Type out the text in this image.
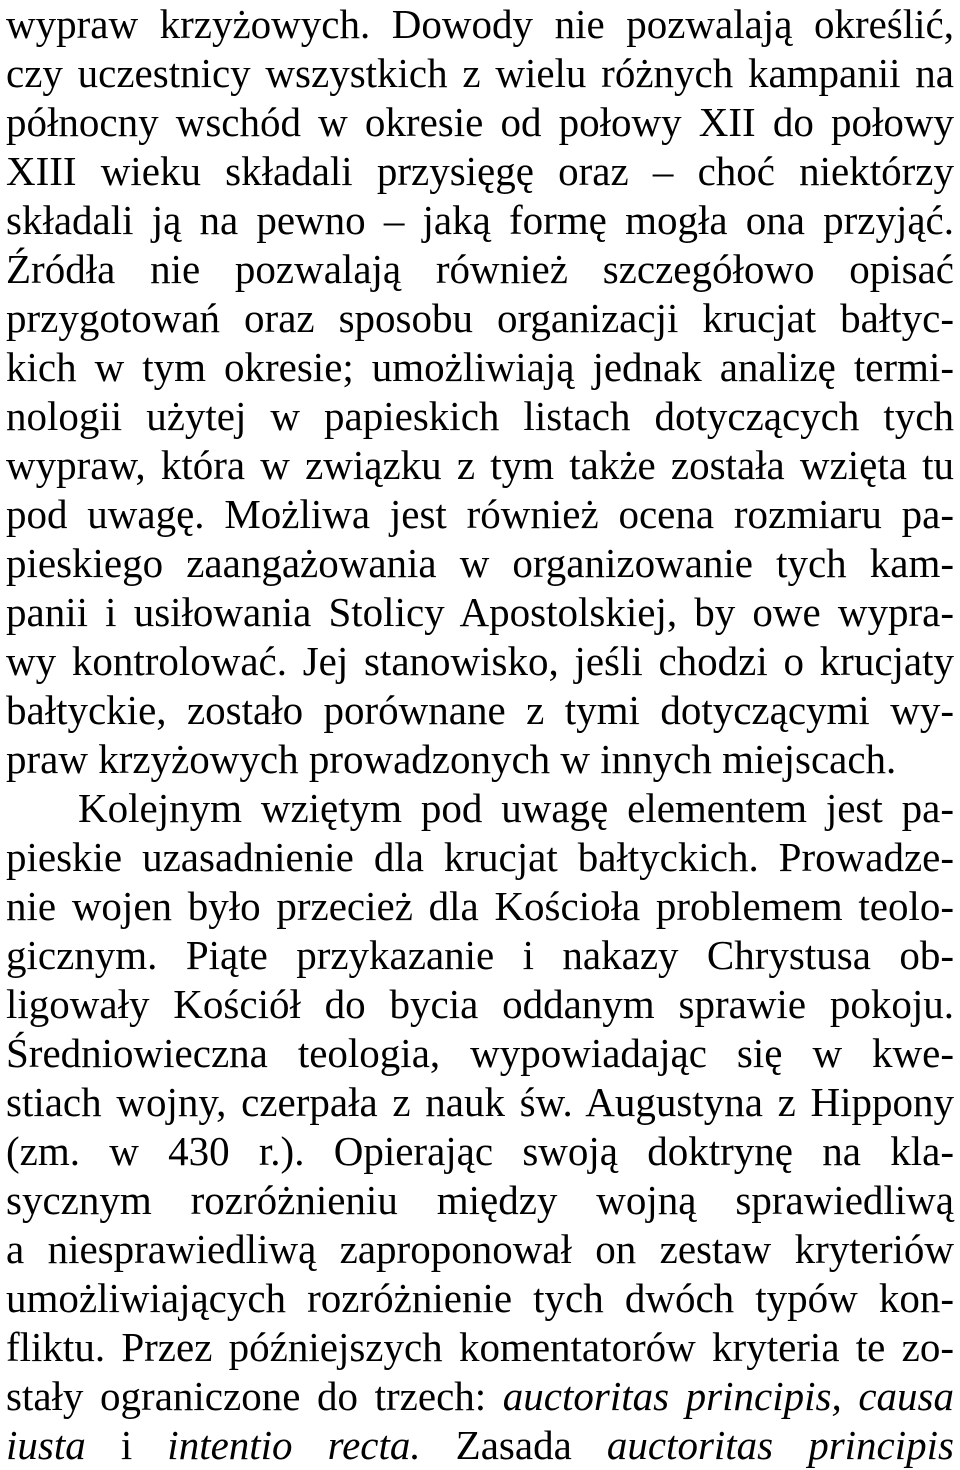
wypraw krzyżowych. Dowody nie pozwalają określić,
czy uczestnicy wszystkich z wielu różnych kampanii na
północny wschód w okresie od połowy XII do połowy
XIII wieku składali przysięgę oraz – choć niektórzy
składali ją na pewno – jaką formę mogła ona przyjąć.
Źródła nie pozwalają również szczegółowo opisać
przygotowań oraz sposobu organizacji krucjat bałtyc-
kich w tym okresie; umożliwiają jednak analizę termi-
nologii użytej w papieskich listach dotyczących tych
wypraw, która w związku z tym także została wzięta tu
pod uwagę. Możliwa jest również ocena rozmiaru pa-
pieskiego zaangażowania w organizowanie tych kam-
panii i usiłowania Stolicy Apostolskiej, by owe wypra-
wy kontrolować. Jej stanowisko, jeśli chodzi o krucjaty
bałtyckie, zostało porównane z tymi dotyczącymi wy-
praw krzyżowych prowadzonych w innych miejscach.
Kolejnym wziętym pod uwagę elementem jest pa-
pieskie uzasadnienie dla krucjat bałtyckich. Prowadze-
nie wojen było przecież dla Kościoła problemem teolo-
gicznym. Piąte przykazanie i nakazy Chrystusa ob-
ligowały Kościół do bycia oddanym sprawie pokoju.
Średniowieczna teologia, wypowiadając się w kwe-
stiach wojny, czerpała z nauk św. Augustyna z Hippony
(zm. w 430 r.). Opierając swoją doktrynę na kla-
sycznym rozróżnieniu między wojną sprawiedliwą
a niesprawiedliwą zaproponował on zestaw kryteriów
umożliwiających rozróżnienie tych dwóch typów kon-
fliktu. Przez późniejszych komentatorów kryteria te zo-
stały ograniczone do trzech: auctoritas principis, causa
iusta i intentio recta. Zasada auctoritas principis
